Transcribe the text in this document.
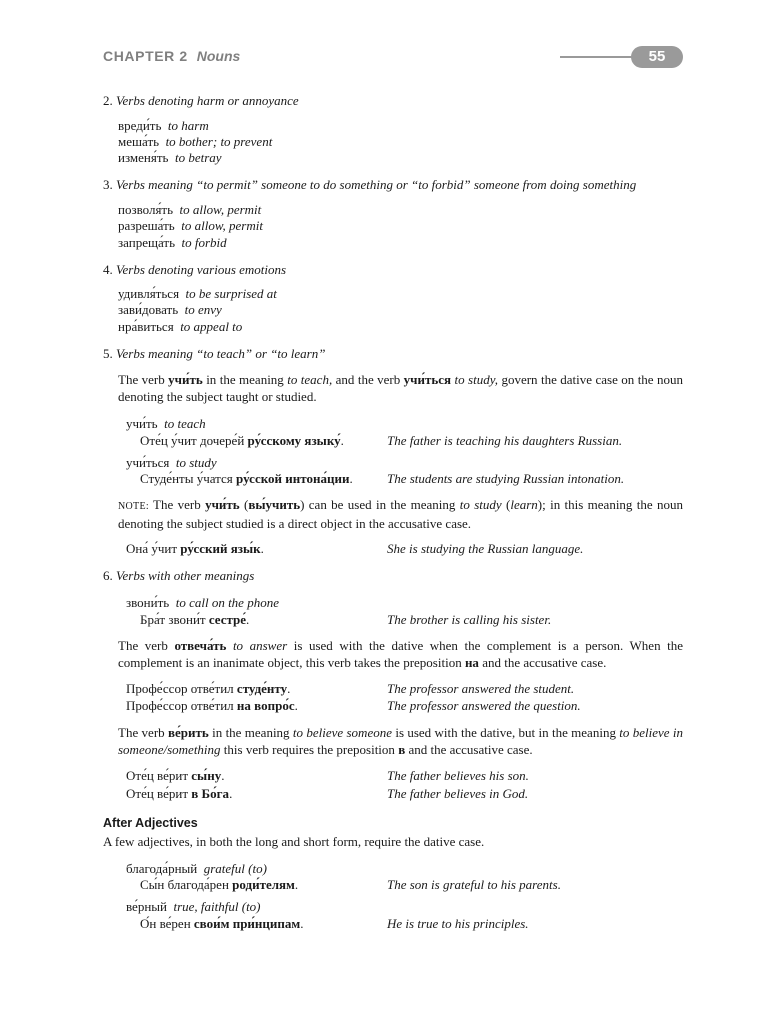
CHAPTER 2 Nouns	55
2. Verbs denoting harm or annoyance
вреди́ть to harm
меша́ть to bother; to prevent
изменя́ть to betray
3. Verbs meaning “to permit” someone to do something or “to forbid” someone from doing something
позволя́ть to allow, permit
разреша́ть to allow, permit
запреща́ть to forbid
4. Verbs denoting various emotions
удивля́ться to be surprised at
зави́довать to envy
нра́виться to appeal to
5. Verbs meaning “to teach” or “to learn”
The verb учи́ть in the meaning to teach, and the verb учи́ться to study, govern the dative case on the noun denoting the subject taught or studied.
учи́ть to teach
Оте́ц у́чит дочере́й ру́сскому языку́.	The father is teaching his daughters Russian.
учи́ться to study
Студе́нты у́чатся ру́сской интона́ции.	The students are studying Russian intonation.
NOTE: The verb учи́ть (вы́учить) can be used in the meaning to study (learn); in this meaning the noun denoting the subject studied is a direct object in the accusative case.
Она́ у́чит ру́сский язы́к.	She is studying the Russian language.
6. Verbs with other meanings
звони́ть to call on the phone
Бра́т звони́т сестре́.	The brother is calling his sister.
The verb отвеча́ть to answer is used with the dative when the complement is a person. When the complement is an inanimate object, this verb takes the preposition на and the accusative case.
Профе́ссор отве́тил студе́нту.	The professor answered the student.
Профе́ссор отве́тил на вопро́с.	The professor answered the question.
The verb ве́рить in the meaning to believe someone is used with the dative, but in the meaning to believe in someone/something this verb requires the preposition в and the accusative case.
Оте́ц ве́рит сы́ну.	The father believes his son.
Оте́ц ве́рит в Бо́га.	The father believes in God.
After Adjectives
A few adjectives, in both the long and short form, require the dative case.
благода́рный grateful (to)
Сы́н благода́рен роди́телям.	The son is grateful to his parents.
ве́рный true, faithful (to)
О́н ве́рен свои́м при́нципам.	He is true to his principles.
